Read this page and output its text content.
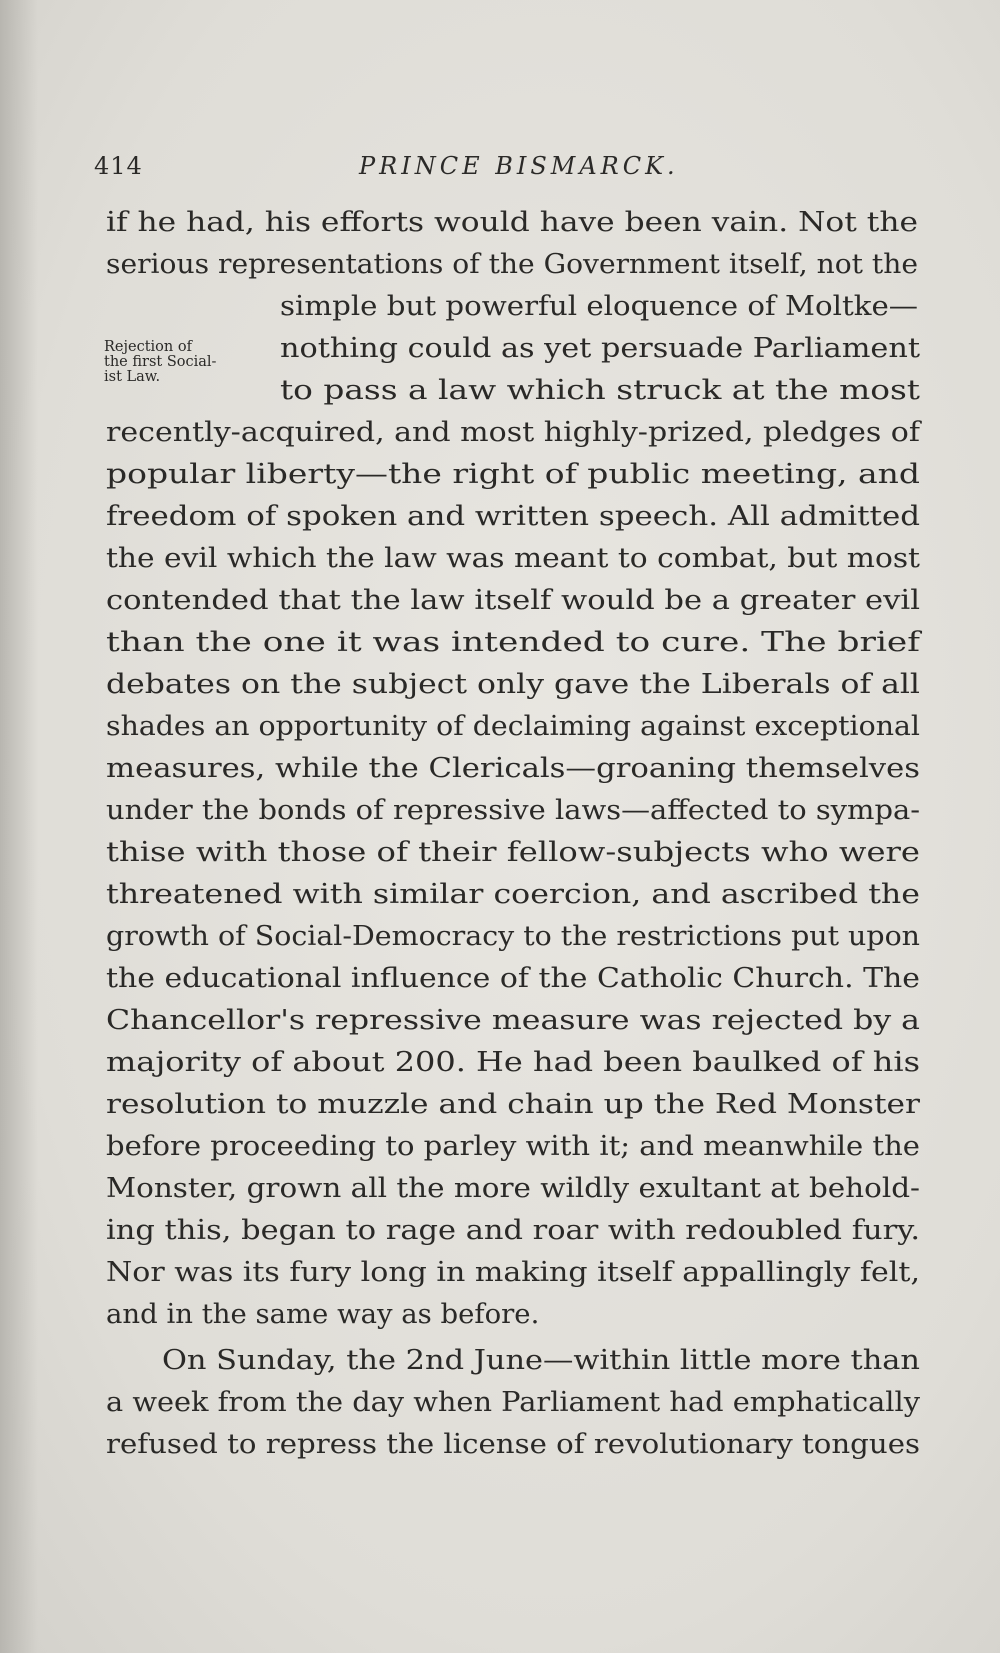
414	PRINCE BISMARCK.
Rejection of
the first Social-
ist Law.
if he had, his efforts would have been vain. Not the
serious representations of the Government itself, not the
simple but powerful eloquence of Moltke—
nothing could as yet persuade Parliament
to pass a law which struck at the most
recently-acquired, and most highly-prized, pledges of
popular liberty—the right of public meeting, and
freedom of spoken and written speech. All admitted
the evil which the law was meant to combat, but most
contended that the law itself would be a greater evil
than the one it was intended to cure. The brief
debates on the subject only gave the Liberals of all
shades an opportunity of declaiming against exceptional
measures, while the Clericals—groaning themselves
under the bonds of repressive laws—affected to sympa-
thise with those of their fellow-subjects who were
threatened with similar coercion, and ascribed the
growth of Social-Democracy to the restrictions put upon
the educational influence of the Catholic Church. The
Chancellor's repressive measure was rejected by a
majority of about 200. He had been baulked of his
resolution to muzzle and chain up the Red Monster
before proceeding to parley with it; and meanwhile the
Monster, grown all the more wildly exultant at behold-
ing this, began to rage and roar with redoubled fury.
Nor was its fury long in making itself appallingly felt,
and in the same way as before.
On Sunday, the 2nd June—within little more than
a week from the day when Parliament had emphatically
refused to repress the license of revolutionary tongues
